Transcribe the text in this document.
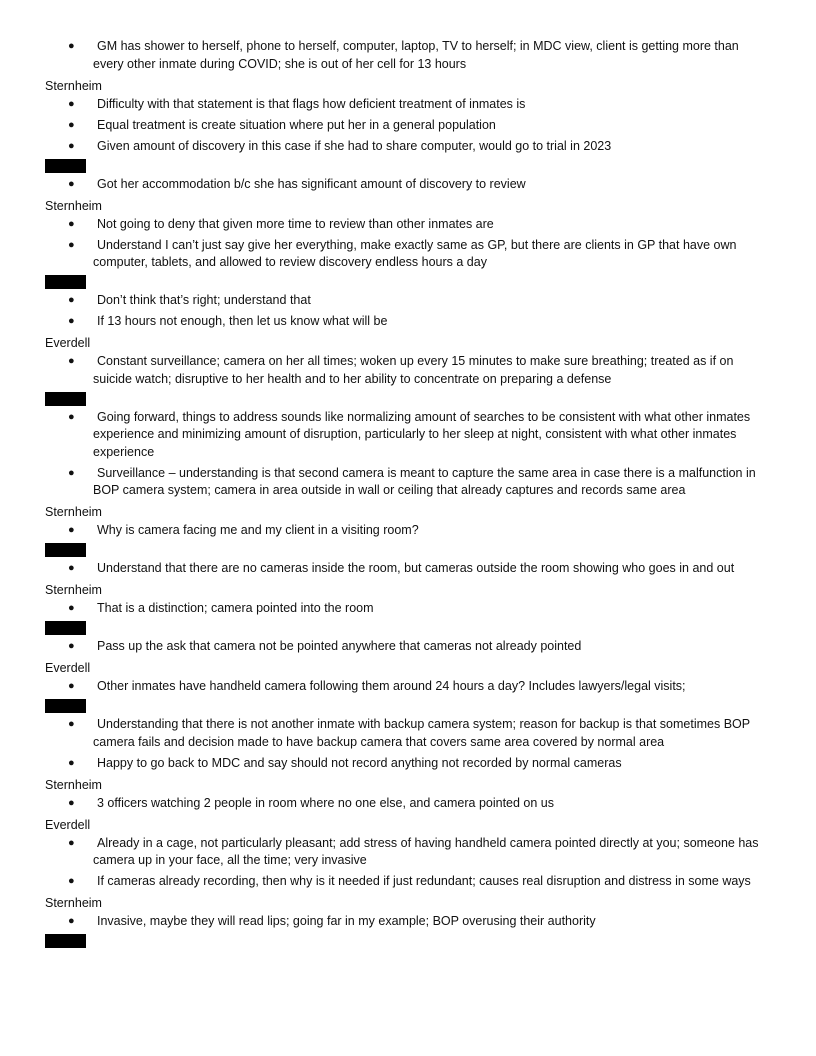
●	GM has shower to herself, phone to herself, computer, laptop, TV to herself; in MDC view, client is getting more than every other inmate during COVID; she is out of her cell for 13 hours
Sternheim
●	Difficulty with that statement is that flags how deficient treatment of inmates is
●	Equal treatment is create situation where put her in a general population
●	Given amount of discovery in this case if she had to share computer, would go to trial in 2023
●	Got her accommodation b/c she has significant amount of discovery to review
Sternheim
●	Not going to deny that given more time to review than other inmates are
●	Understand I can’t just say give her everything, make exactly same as GP, but there are clients in GP that have own computer, tablets, and allowed to review discovery endless hours a day
●	Don’t think that’s right; understand that
●	If 13 hours not enough, then let us know what will be
Everdell
●	Constant surveillance; camera on her all times; woken up every 15 minutes to make sure breathing; treated as if on suicide watch; disruptive to her health and to her ability to concentrate on preparing a defense
●	Going forward, things to address sounds like normalizing amount of searches to be consistent with what other inmates experience and minimizing amount of disruption, particularly to her sleep at night, consistent with what other inmates experience
●	Surveillance – understanding is that second camera is meant to capture the same area in case there is a malfunction in BOP camera system; camera in area outside in wall or ceiling that already captures and records same area
Sternheim
●	Why is camera facing me and my client in a visiting room?
●	Understand that there are no cameras inside the room, but cameras outside the room showing who goes in and out
Sternheim
●	That is a distinction; camera pointed into the room
●	Pass up the ask that camera not be pointed anywhere that cameras not already pointed
Everdell
●	Other inmates have handheld camera following them around 24 hours a day? Includes lawyers/legal visits;
●	Understanding that there is not another inmate with backup camera system; reason for backup is that sometimes BOP camera fails and decision made to have backup camera that covers same area covered by normal area
●	Happy to go back to MDC and say should not record anything not recorded by normal cameras
Sternheim
●	3 officers watching 2 people in room where no one else, and camera pointed on us
Everdell
●	Already in a cage, not particularly pleasant; add stress of having handheld camera pointed directly at you; someone has camera up in your face, all the time; very invasive
●	If cameras already recording, then why is it needed if just redundant; causes real disruption and distress in some ways
Sternheim
●	Invasive, maybe they will read lips; going far in my example; BOP overusing their authority
